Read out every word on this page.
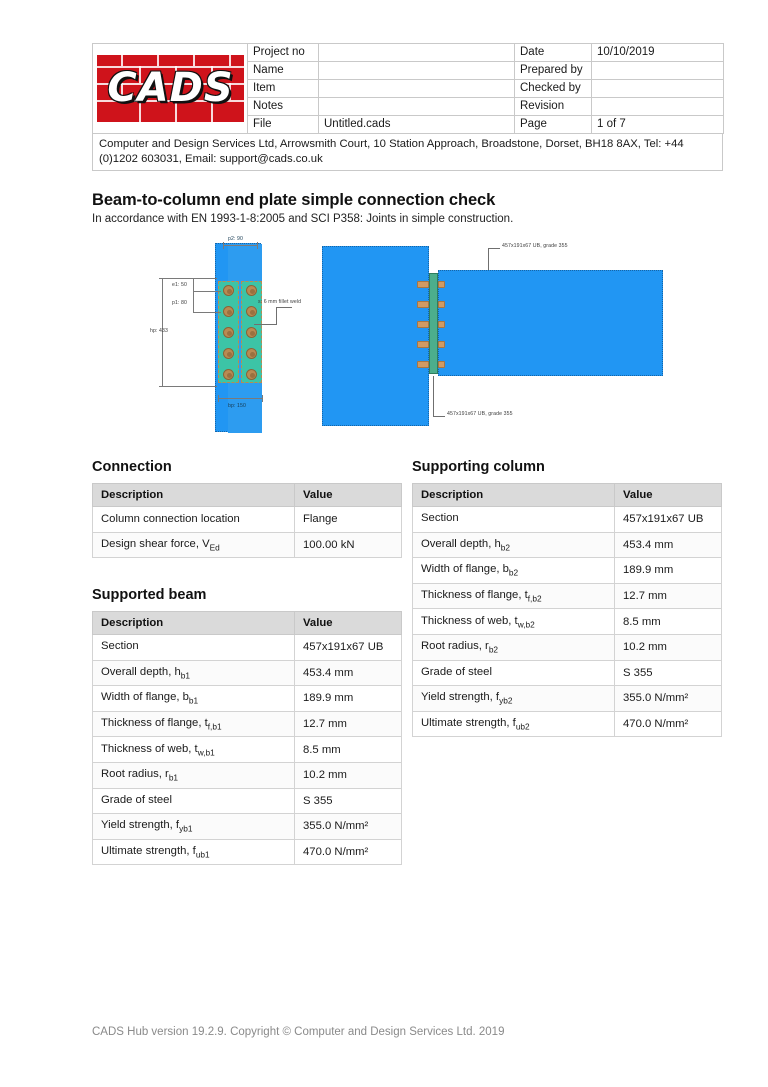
CADS	Project no		Date	10/10/2019
	Name		Prepared by	
	Item		Checked by	
	Notes		Revision	
	File	Untitled.cads	Page	1 of 7
Computer and Design Services Ltd, Arrowsmith Court, 10 Station Approach, Broadstone, Dorset, BH18 8AX, Tel: +44 (0)1202 603031, Email: support@cads.co.uk
Beam-to-column end plate simple connection check
In accordance with EN 1993-1-8:2005 and SCI P358: Joints in simple construction.
p2: 90
hp: 433
e1: 50
p1: 80
bp: 150
s: 6 mm fillet weld
457x191x67 UB, grade 355
457x191x67 UB, grade 355
Connection
Description	Value
Column connection location	Flange
Design shear force, $V_{Ed}$	100.00 kN
Supported beam
Description	Value
Section	457x191x67 UB
Overall depth, $h_{b1}$	453.4 mm
Width of flange, $b_{b1}$	189.9 mm
Thickness of flange, $t_{f,b1}$	12.7 mm
Thickness of web, $t_{w,b1}$	8.5 mm
Root radius, $r_{b1}$	10.2 mm
Grade of steel	S 355
Yield strength, $f_{yb1}$	355.0 N/mm²
Ultimate strength, $f_{ub1}$	470.0 N/mm²
Supporting column
Description	Value
Section	457x191x67 UB
Overall depth, $h_{b2}$	453.4 mm
Width of flange, $b_{b2}$	189.9 mm
Thickness of flange, $t_{f,b2}$	12.7 mm
Thickness of web, $t_{w,b2}$	8.5 mm
Root radius, $r_{b2}$	10.2 mm
Grade of steel	S 355
Yield strength, $f_{yb2}$	355.0 N/mm²
Ultimate strength, $f_{ub2}$	470.0 N/mm²
CADS Hub version 19.2.9. Copyright © Computer and Design Services Ltd. 2019
